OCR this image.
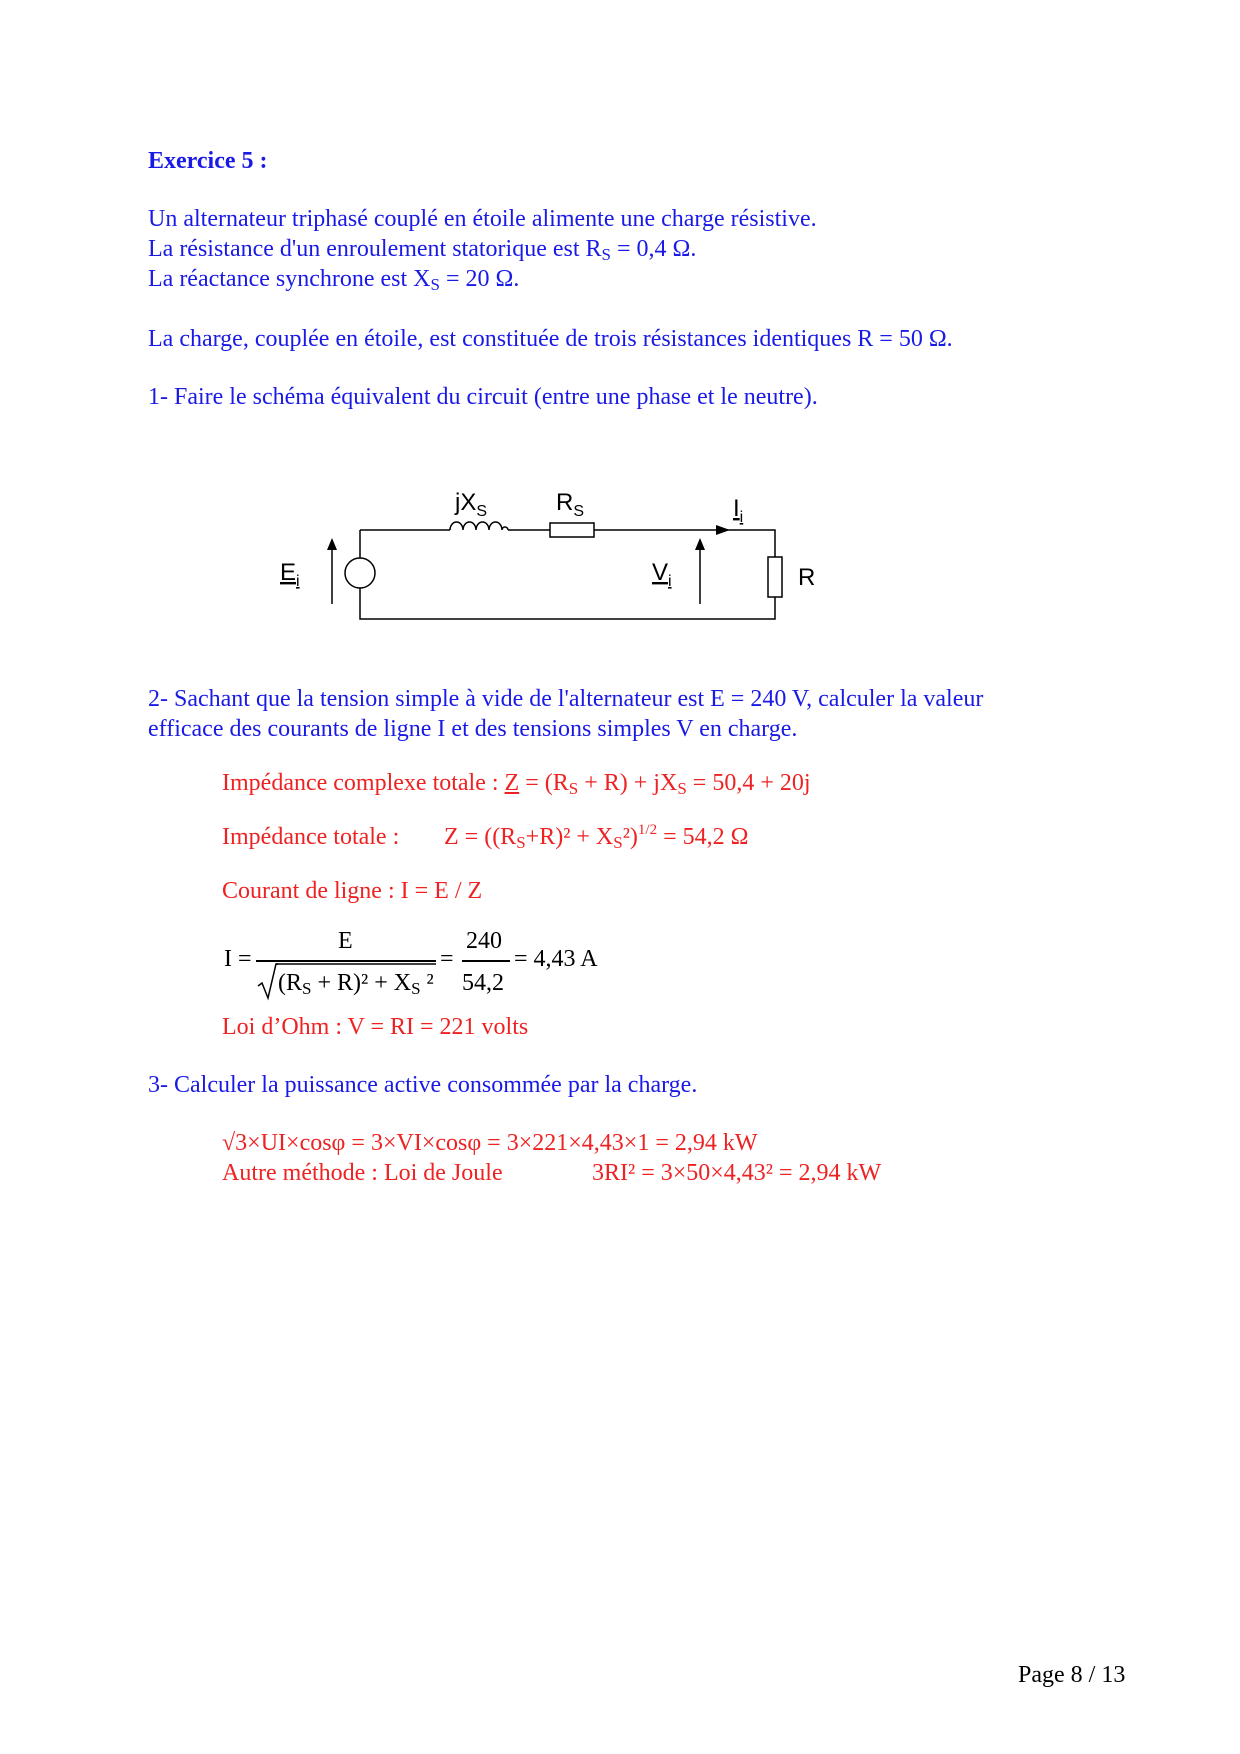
Exercice 5 :
Un alternateur triphasé couplé en étoile alimente une charge résistive.
La résistance d'un enroulement statorique est $R_S = 0,4$ Ω.
La réactance synchrone est $X_S = 20$ Ω.
La charge, couplée en étoile, est constituée de trois résistances identiques R = 50 Ω.
1- Faire le schéma équivalent du circuit (entre une phase et le neutre).
$jX_S$	$R_S$	$I_i$
$E_i$	$V_i$	R
2- Sachant que la tension simple à vide de l'alternateur est E = 240 V, calculer la valeur
efficace des courants de ligne I et des tensions simples V en charge.
Impédance complexe totale : $Z = (R_S + R) + jX_S = 50,4 + 20j$
Impédance totale : $Z = ((R_S+R)^2 + X_S^2)^{1/2} = 54,2$ Ω
Courant de ligne : I = E / Z
I =
E
$(R_S + R)^2 + X_S$ ²
=
240
54,2
= 4,43 A
Loi d’Ohm : V = RI = 221 volts
3- Calculer la puissance active consommée par la charge.
√3×UI×cosφ = 3×VI×cosφ = 3×221×4,43×1 = 2,94 kW
Autre méthode : Loi de Joule	3RI² = 3×50×4,43² = 2,94 kW
Page 8 / 13
